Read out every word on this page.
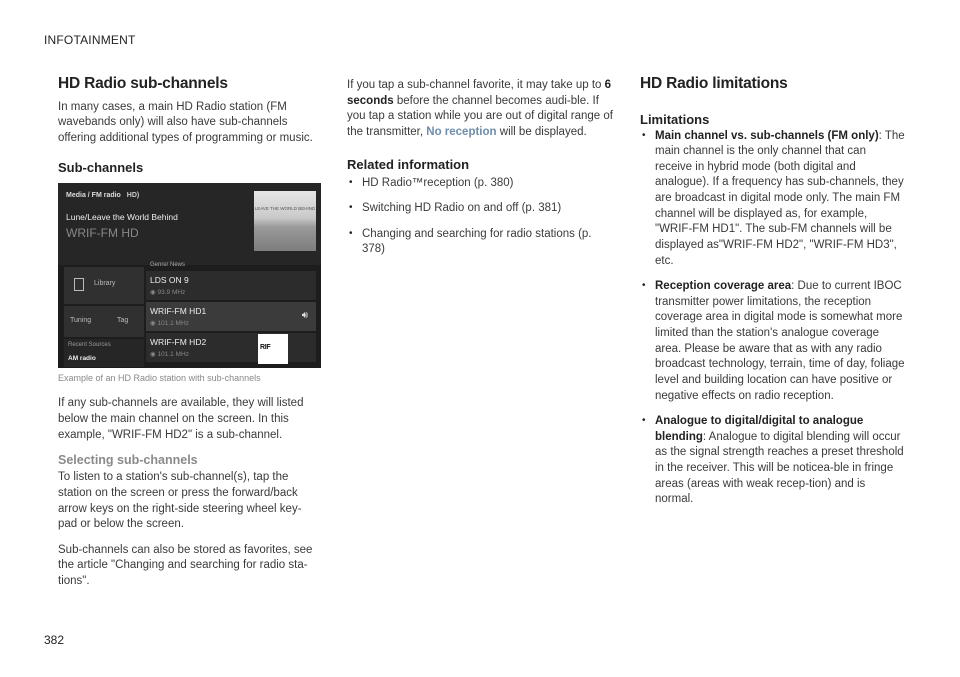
INFOTAINMENT
HD Radio sub-channels

In many cases, a main HD Radio station (FM wavebands only) will also have sub-channels offering additional types of programming or music.

Sub-channels
Media / FM radio HD)
Lune/Leave the World Behind
WRIF-FM HD
LEAVE THE WORLD BEHIND
Library
Tuning	Tag
Recent Sources
AM radio
Genre/ News
LDS ON 9
◉ 93.9 MHz
WRIF-FM HD1
◉ 101.1 MHz
🔊︎
WRIF-FM HD2
◉ 101.1 MHz
RIF
Example of an HD Radio station with sub-channels

If any sub-channels are available, they will listed below the main channel on the screen. In this example, "WRIF-FM HD2" is a sub-channel.

Selecting sub-channels

To listen to a station's sub-channel(s), tap the station on the screen or press the forward/back arrow keys on the right-side steering wheel key-pad or below the screen.

Sub-channels can also be stored as favorites, see the article "Changing and searching for radio sta-tions".

If you tap a sub-channel favorite, it may take up to 6 seconds before the channel becomes audi-ble. If you tap a station while you are out of digital range of the transmitter, No reception will be displayed.

Related information
• HD Radio™reception (p. 380)
• Switching HD Radio on and off (p. 381)
• Changing and searching for radio stations (p. 378)
HD Radio limitations
Limitations
• Main channel vs. sub-channels (FM only): The main channel is the only channel that can receive in hybrid mode (both digital and analogue). If a frequency has sub-channels, they are broadcast in digital mode only. The main FM channel will be displayed as, for example, "WRIF-FM HD1". The sub-FM channels will be displayed as"WRIF-FM HD2", "WRIF-FM HD3", etc.
• Reception coverage area: Due to current IBOC transmitter power limitations, the reception coverage area in digital mode is somewhat more limited than the station's analogue coverage area. Please be aware that as with any radio broadcast technology, terrain, time of day, foliage level and building location can have positive or negative effects on radio reception.
• Analogue to digital/digital to analogue blending: Analogue to digital blending will occur as the signal strength reaches a preset threshold in the receiver. This will be noticea-ble in fringe areas (areas with weak recep-tion) and is normal.
382
